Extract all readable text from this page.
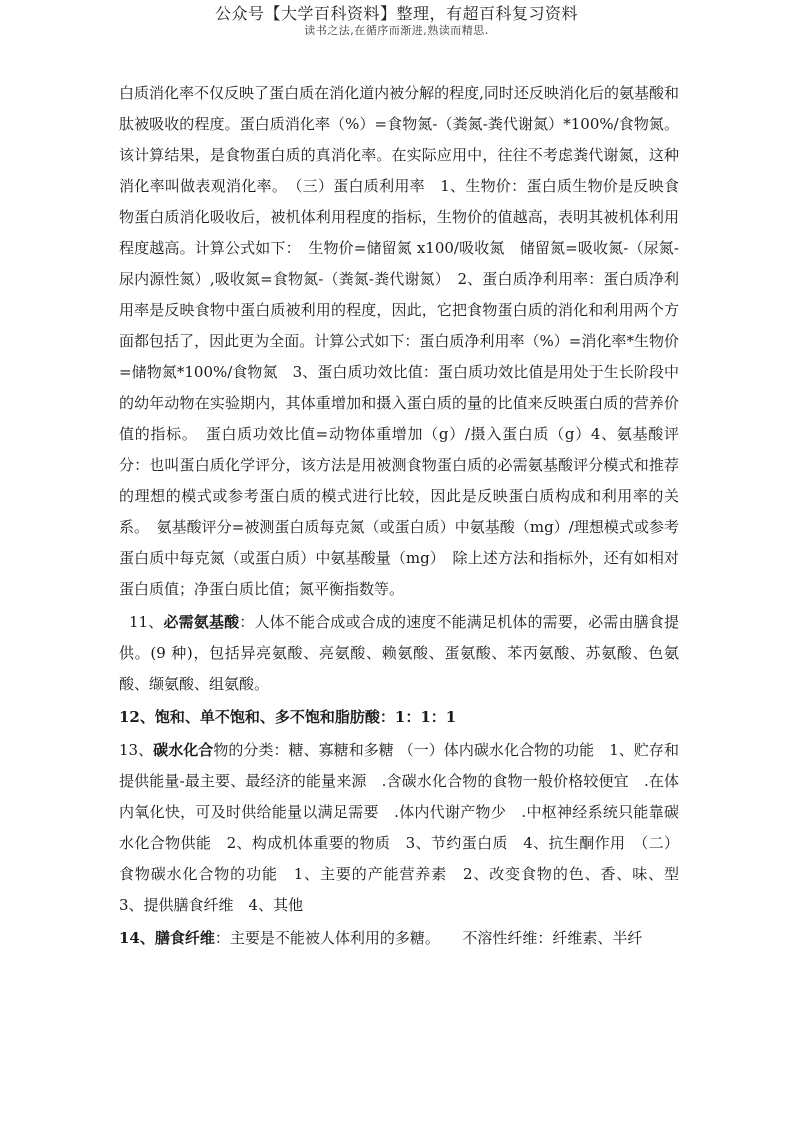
公众号【大学百科资料】整理，有超百科复习资料
读书之法,在循序而渐进,熟读而精思.

白质消化率不仅反映了蛋白质在消化道内被分解的程度,同时还反映消化后的氨基酸和肽被吸收的程度。蛋白质消化率（%）=食物氮-（粪氮-粪代谢氮）*100%/食物氮。该计算结果，是食物蛋白质的真消化率。在实际应用中，往往不考虑粪代谢氮，这种消化率叫做表观消化率。　（三）蛋白质利用率　1、生物价：蛋白质生物价是反映食物蛋白质消化吸收后，被机体利用程度的指标，生物价的值越高，表明其被机体利用程度越高。计算公式如下：　生物价=储留氮 x100/吸收氮　储留氮=吸收氮-（尿氮-尿内源性氮）,吸收氮=食物氮-（粪氮-粪代谢氮）　2、蛋白质净利用率：蛋白质净利用率是反映食物中蛋白质被利用的程度，因此，它把食物蛋白质的消化和利用两个方面都包括了，因此更为全面。计算公式如下：蛋白质净利用率（%）=消化率*生物价=储物氮*100%/食物氮　3、蛋白质功效比值：蛋白质功效比值是用处于生长阶段中的幼年动物在实验期内，其体重增加和摄入蛋白质的量的比值来反映蛋白质的营养价值的指标。　蛋白质功效比值=动物体重增加（g）/摄入蛋白质（g）4、氨基酸评分：也叫蛋白质化学评分，该方法是用被测食物蛋白质的必需氨基酸评分模式和推荐的理想的模式或参考蛋白质的模式进行比较，因此是反映蛋白质构成和利用率的关系。　氨基酸评分=被测蛋白质每克氮（或蛋白质）中氨基酸（mg）/理想模式或参考蛋白质中每克氮（或蛋白质）中氨基酸量（mg）　除上述方法和指标外，还有如相对蛋白质值；净蛋白质比值；氮平衡指数等。

11、必需氨基酸：人体不能合成或合成的速度不能满足机体的需要，必需由膳食提供。(9 种)，包括异亮氨酸、亮氨酸、赖氨酸、蛋氨酸、苯丙氨酸、苏氨酸、色氨酸、缬氨酸、组氨酸。

12、饱和、单不饱和、多不饱和脂肪酸：1：1：1

13、碳水化合物的分类：糖、寡糖和多糖 （一）体内碳水化合物的功能　1、贮存和提供能量-最主要、最经济的能量来源　.含碳水化合物的食物一般价格较便宜　.在体内氧化快，可及时供给能量以满足需要　.体内代谢产物少　.中枢神经系统只能靠碳水化合物供能　2、构成机体重要的物质　3、节约蛋白质　4、抗生酮作用　（二）食物碳水化合物的功能　1、主要的产能营养素　2、改变食物的色、香、味、型　3、提供膳食纤维　4、其他

14、膳食纤维：主要是不能被人体利用的多糖。　　不溶性纤维：纤维素、半纤
